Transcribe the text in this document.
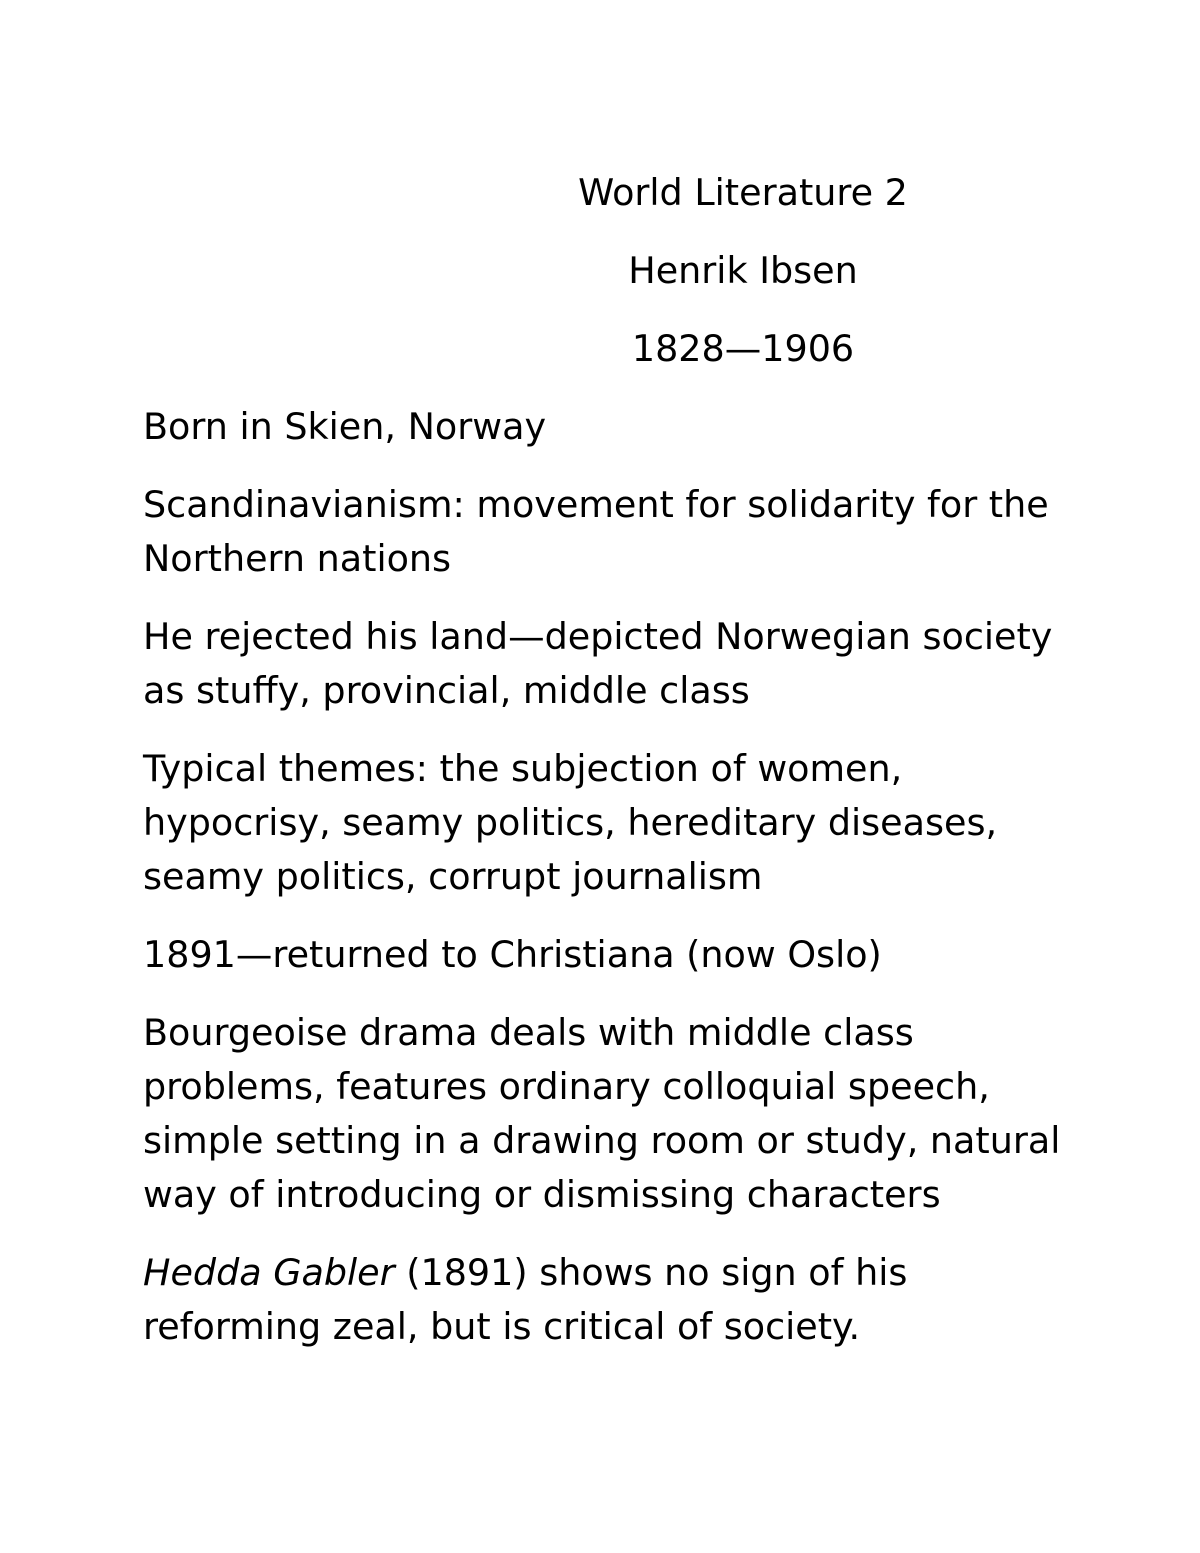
World Literature 2
Henrik Ibsen
1828—1906
Born in Skien, Norway
Scandinavianism: movement for solidarity for the Northern nations
He rejected his land—depicted Norwegian society as stuffy, provincial, middle class
Typical themes: the subjection of women, hypocrisy, seamy politics, hereditary diseases, seamy politics, corrupt journalism
1891—returned to Christiana (now Oslo)
Bourgeoise drama deals with middle class problems, features ordinary colloquial speech, simple setting in a drawing room or study, natural way of introducing or dismissing characters
Hedda Gabler (1891) shows no sign of his reforming zeal, but is critical of society.
